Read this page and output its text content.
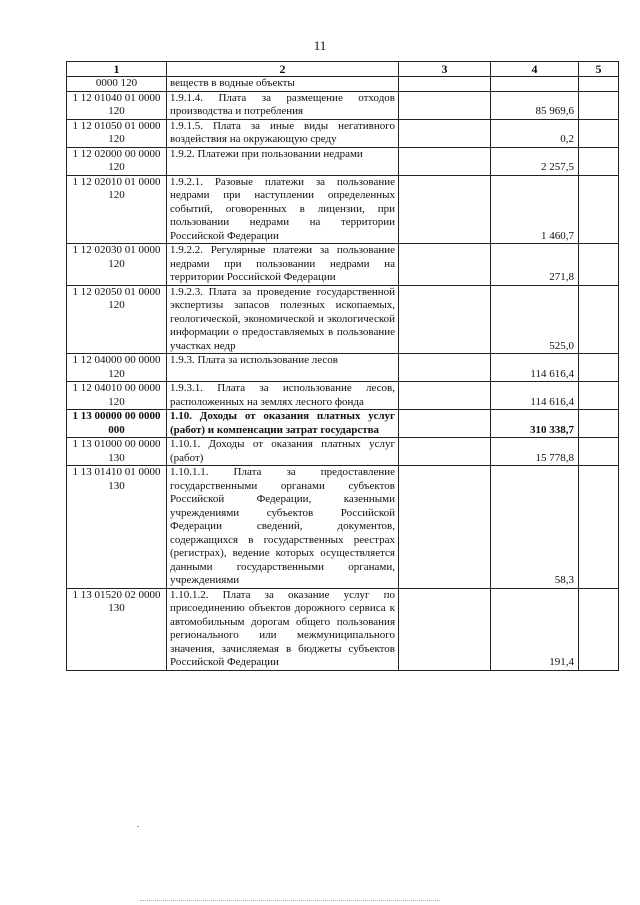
11
1	2	3	4	5
0000 120	веществ в водные объекты			
1 12 01040 01 0000 120	1.9.1.4. Плата за размещение отходов производства и потребления		85 969,6	
1 12 01050 01 0000 120	1.9.1.5. Плата за иные виды негативного воздействия на окружающую среду		0,2	
1 12 02000 00 0000 120	1.9.2. Платежи при пользовании недрами		2 257,5	
1 12 02010 01 0000 120	1.9.2.1. Разовые платежи за пользование недрами при наступлении определенных событий, оговоренных в лицензии, при пользовании недрами на территории Российской Федерации		1 460,7	
1 12 02030 01 0000 120	1.9.2.2. Регулярные платежи за пользование недрами при пользовании недрами на территории Российской Федерации		271,8	
1 12 02050 01 0000 120	1.9.2.3. Плата за проведение государственной экспертизы запасов полезных ископаемых, геологической, экономической и экологической информации о предоставляемых в пользование участках недр		525,0	
1 12 04000 00 0000 120	1.9.3. Плата за использование лесов		114 616,4	
1 12 04010 00 0000 120	1.9.3.1. Плата за использование лесов, расположенных на землях лесного фонда		114 616,4	
1 13 00000 00 0000 000	1.10. Доходы от оказания платных услуг (работ) и компенсации затрат государства		310 338,7	
1 13 01000 00 0000 130	1.10.1. Доходы от оказания платных услуг (работ)		15 778,8	
1 13 01410 01 0000 130	1.10.1.1. Плата за предоставление государственными органами субъектов Российской Федерации, казенными учреждениями субъектов Российской Федерации сведений, документов, содержащихся в государственных реестрах (регистрах), ведение которых осуществляется данными государственными органами, учреждениями		58,3	
1 13 01520 02 0000 130	1.10.1.2. Плата за оказание услуг по присоединению объектов дорожного сервиса к автомобильным дорогам общего пользования регионального или межмуниципального значения, зачисляемая в бюджеты субъектов Российской Федерации		191,4	
